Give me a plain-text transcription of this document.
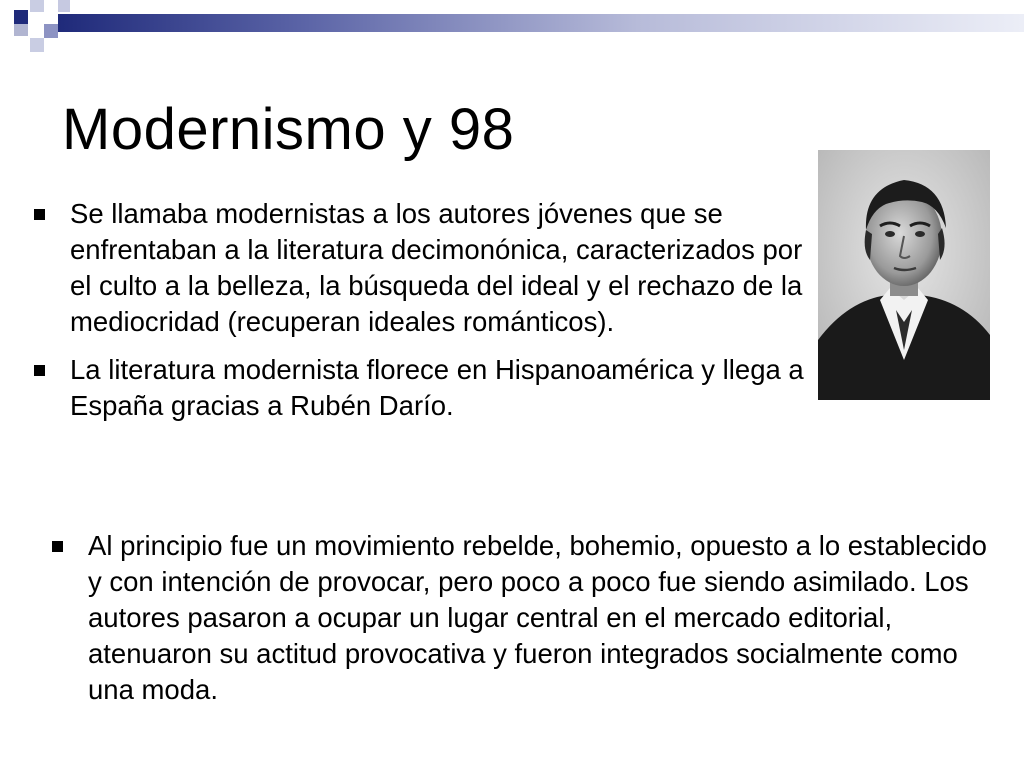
Modernismo y 98
Se llamaba modernistas a los autores jóvenes que se enfrentaban a la literatura decimonónica, caracterizados por el culto a la belleza, la búsqueda del ideal y el rechazo de la mediocridad (recuperan ideales románticos).
La literatura modernista florece en Hispanoamérica y llega a España gracias a Rubén Darío.
Al principio fue un movimiento rebelde, bohemio, opuesto a lo establecido y con intención de provocar, pero poco a poco fue siendo asimilado. Los autores pasaron a ocupar un lugar central en el mercado editorial, atenuaron su actitud provocativa y fueron integrados socialmente como una moda.
